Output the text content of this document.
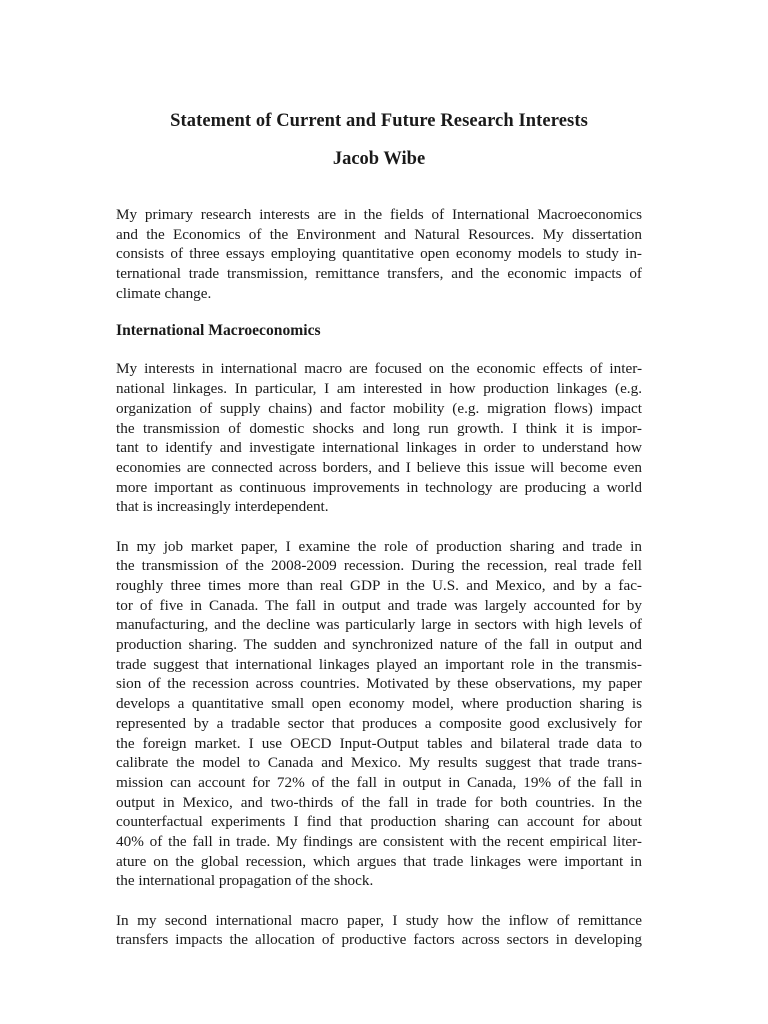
Statement of Current and Future Research Interests
Jacob Wibe
My primary research interests are in the fields of International Macroeconomics
and the Economics of the Environment and Natural Resources. My dissertation
consists of three essays employing quantitative open economy models to study in-
ternational trade transmission, remittance transfers, and the economic impacts of
climate change.
International Macroeconomics
My interests in international macro are focused on the economic effects of inter-
national linkages. In particular, I am interested in how production linkages (e.g.
organization of supply chains) and factor mobility (e.g. migration flows) impact
the transmission of domestic shocks and long run growth. I think it is impor-
tant to identify and investigate international linkages in order to understand how
economies are connected across borders, and I believe this issue will become even
more important as continuous improvements in technology are producing a world
that is increasingly interdependent.
In my job market paper, I examine the role of production sharing and trade in
the transmission of the 2008-2009 recession. During the recession, real trade fell
roughly three times more than real GDP in the U.S. and Mexico, and by a fac-
tor of five in Canada. The fall in output and trade was largely accounted for by
manufacturing, and the decline was particularly large in sectors with high levels of
production sharing. The sudden and synchronized nature of the fall in output and
trade suggest that international linkages played an important role in the transmis-
sion of the recession across countries. Motivated by these observations, my paper
develops a quantitative small open economy model, where production sharing is
represented by a tradable sector that produces a composite good exclusively for
the foreign market. I use OECD Input-Output tables and bilateral trade data to
calibrate the model to Canada and Mexico. My results suggest that trade trans-
mission can account for 72% of the fall in output in Canada, 19% of the fall in
output in Mexico, and two-thirds of the fall in trade for both countries. In the
counterfactual experiments I find that production sharing can account for about
40% of the fall in trade. My findings are consistent with the recent empirical liter-
ature on the global recession, which argues that trade linkages were important in
the international propagation of the shock.
In my second international macro paper, I study how the inflow of remittance
transfers impacts the allocation of productive factors across sectors in developing
